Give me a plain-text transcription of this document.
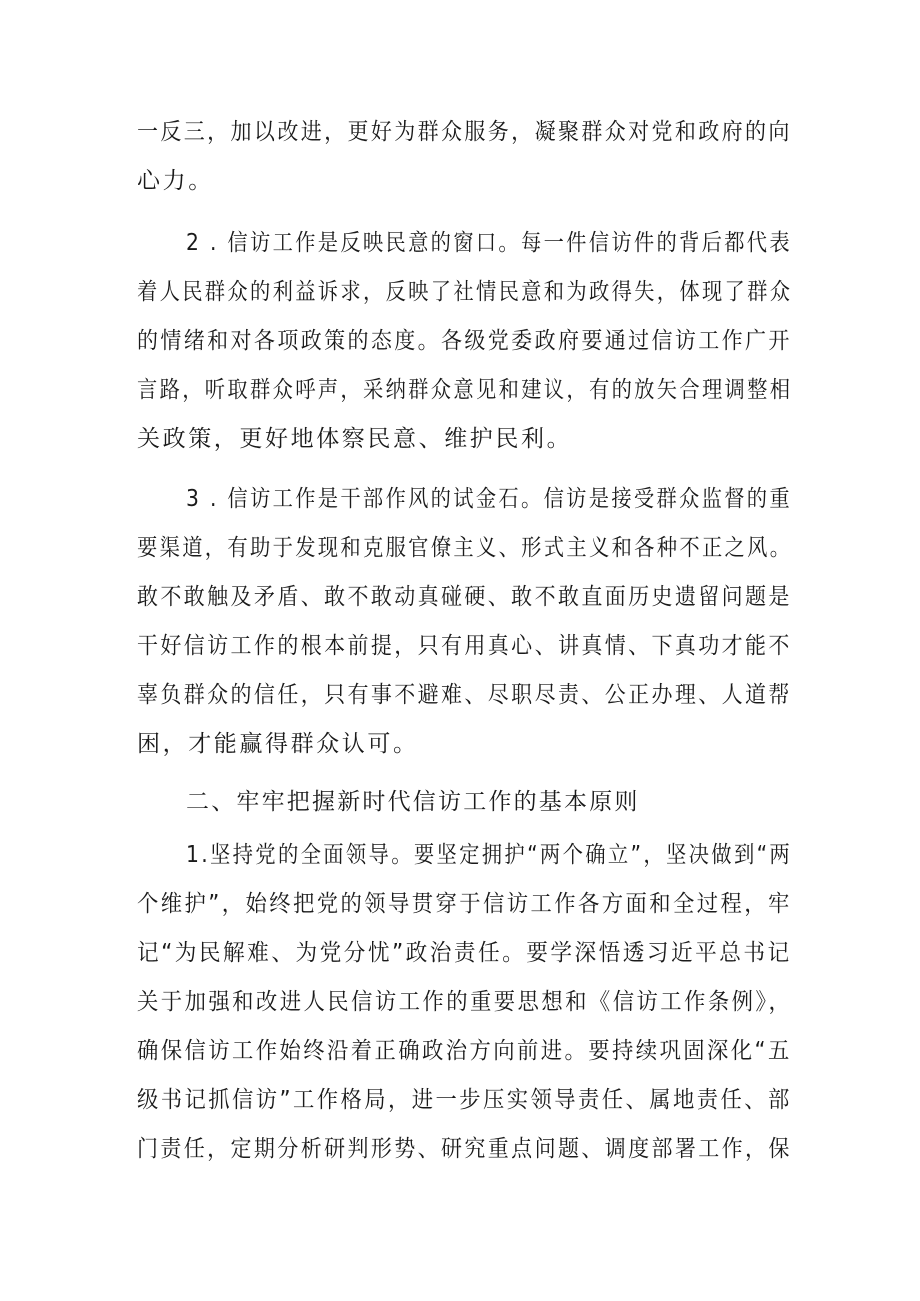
一反三，加以改进，更好为群众服务，凝聚群众对党和政府的向
心力。
2 . 信访工作是反映民意的窗口。每一件信访件的背后都代表
着人民群众的利益诉求，反映了社情民意和为政得失，体现了群众
的情绪和对各项政策的态度。各级党委政府要通过信访工作广开
言路，听取群众呼声，采纳群众意见和建议，有的放矢合理调整相
关政策，更好地体察民意、维护民利。
3 . 信访工作是干部作风的试金石。信访是接受群众监督的重
要渠道，有助于发现和克服官僚主义、形式主义和各种不正之风。
敢不敢触及矛盾、敢不敢动真碰硬、敢不敢直面历史遗留问题是
干好信访工作的根本前提，只有用真心、讲真情、下真功才能不
辜负群众的信任，只有事不避难、尽职尽责、公正办理、人道帮
困，才能赢得群众认可。
二、牢牢把握新时代信访工作的基本原则
1.坚持党的全面领导。要坚定拥护“两个确立”，坚决做到“两
个维护”，始终把党的领导贯穿于信访工作各方面和全过程，牢
记“为民解难、为党分忧”政治责任。要学深悟透习近平总书记
关于加强和改进人民信访工作的重要思想和《信访工作条例》，
确保信访工作始终沿着正确政治方向前进。要持续巩固深化“五
级书记抓信访”工作格局，进一步压实领导责任、属地责任、部
门责任，定期分析研判形势、研究重点问题、调度部署工作，保
